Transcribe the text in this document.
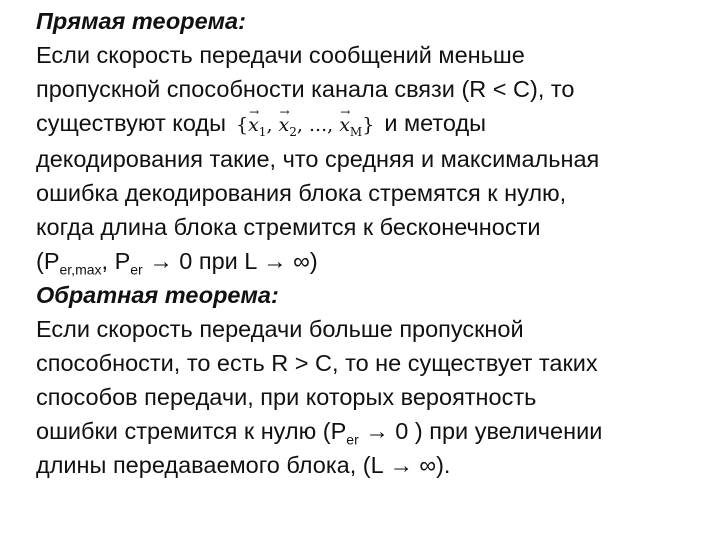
Прямая теорема:
Если скорость передачи сообщений меньше
пропускной способности канала связи (R < C), то
существуют коды {→ $x_1$, → $x_2$, ..., → $x_M$} и методы
декодирования такие, что средняя и максимальная
ошибка декодирования блока стремятся к нулю,
когда длина блока стремится к бесконечности
($P_{er,max}$, $P_{er} \to 0$ при L → ∞)
Обратная теорема:
Если скорость передачи больше пропускной
способности, то есть R > C, то не существует таких
способов передачи, при которых вероятность
ошибки стремится к нулю ($P_{er} \to 0$ ) при увеличении
длины передаваемого блока, (L → ∞).
